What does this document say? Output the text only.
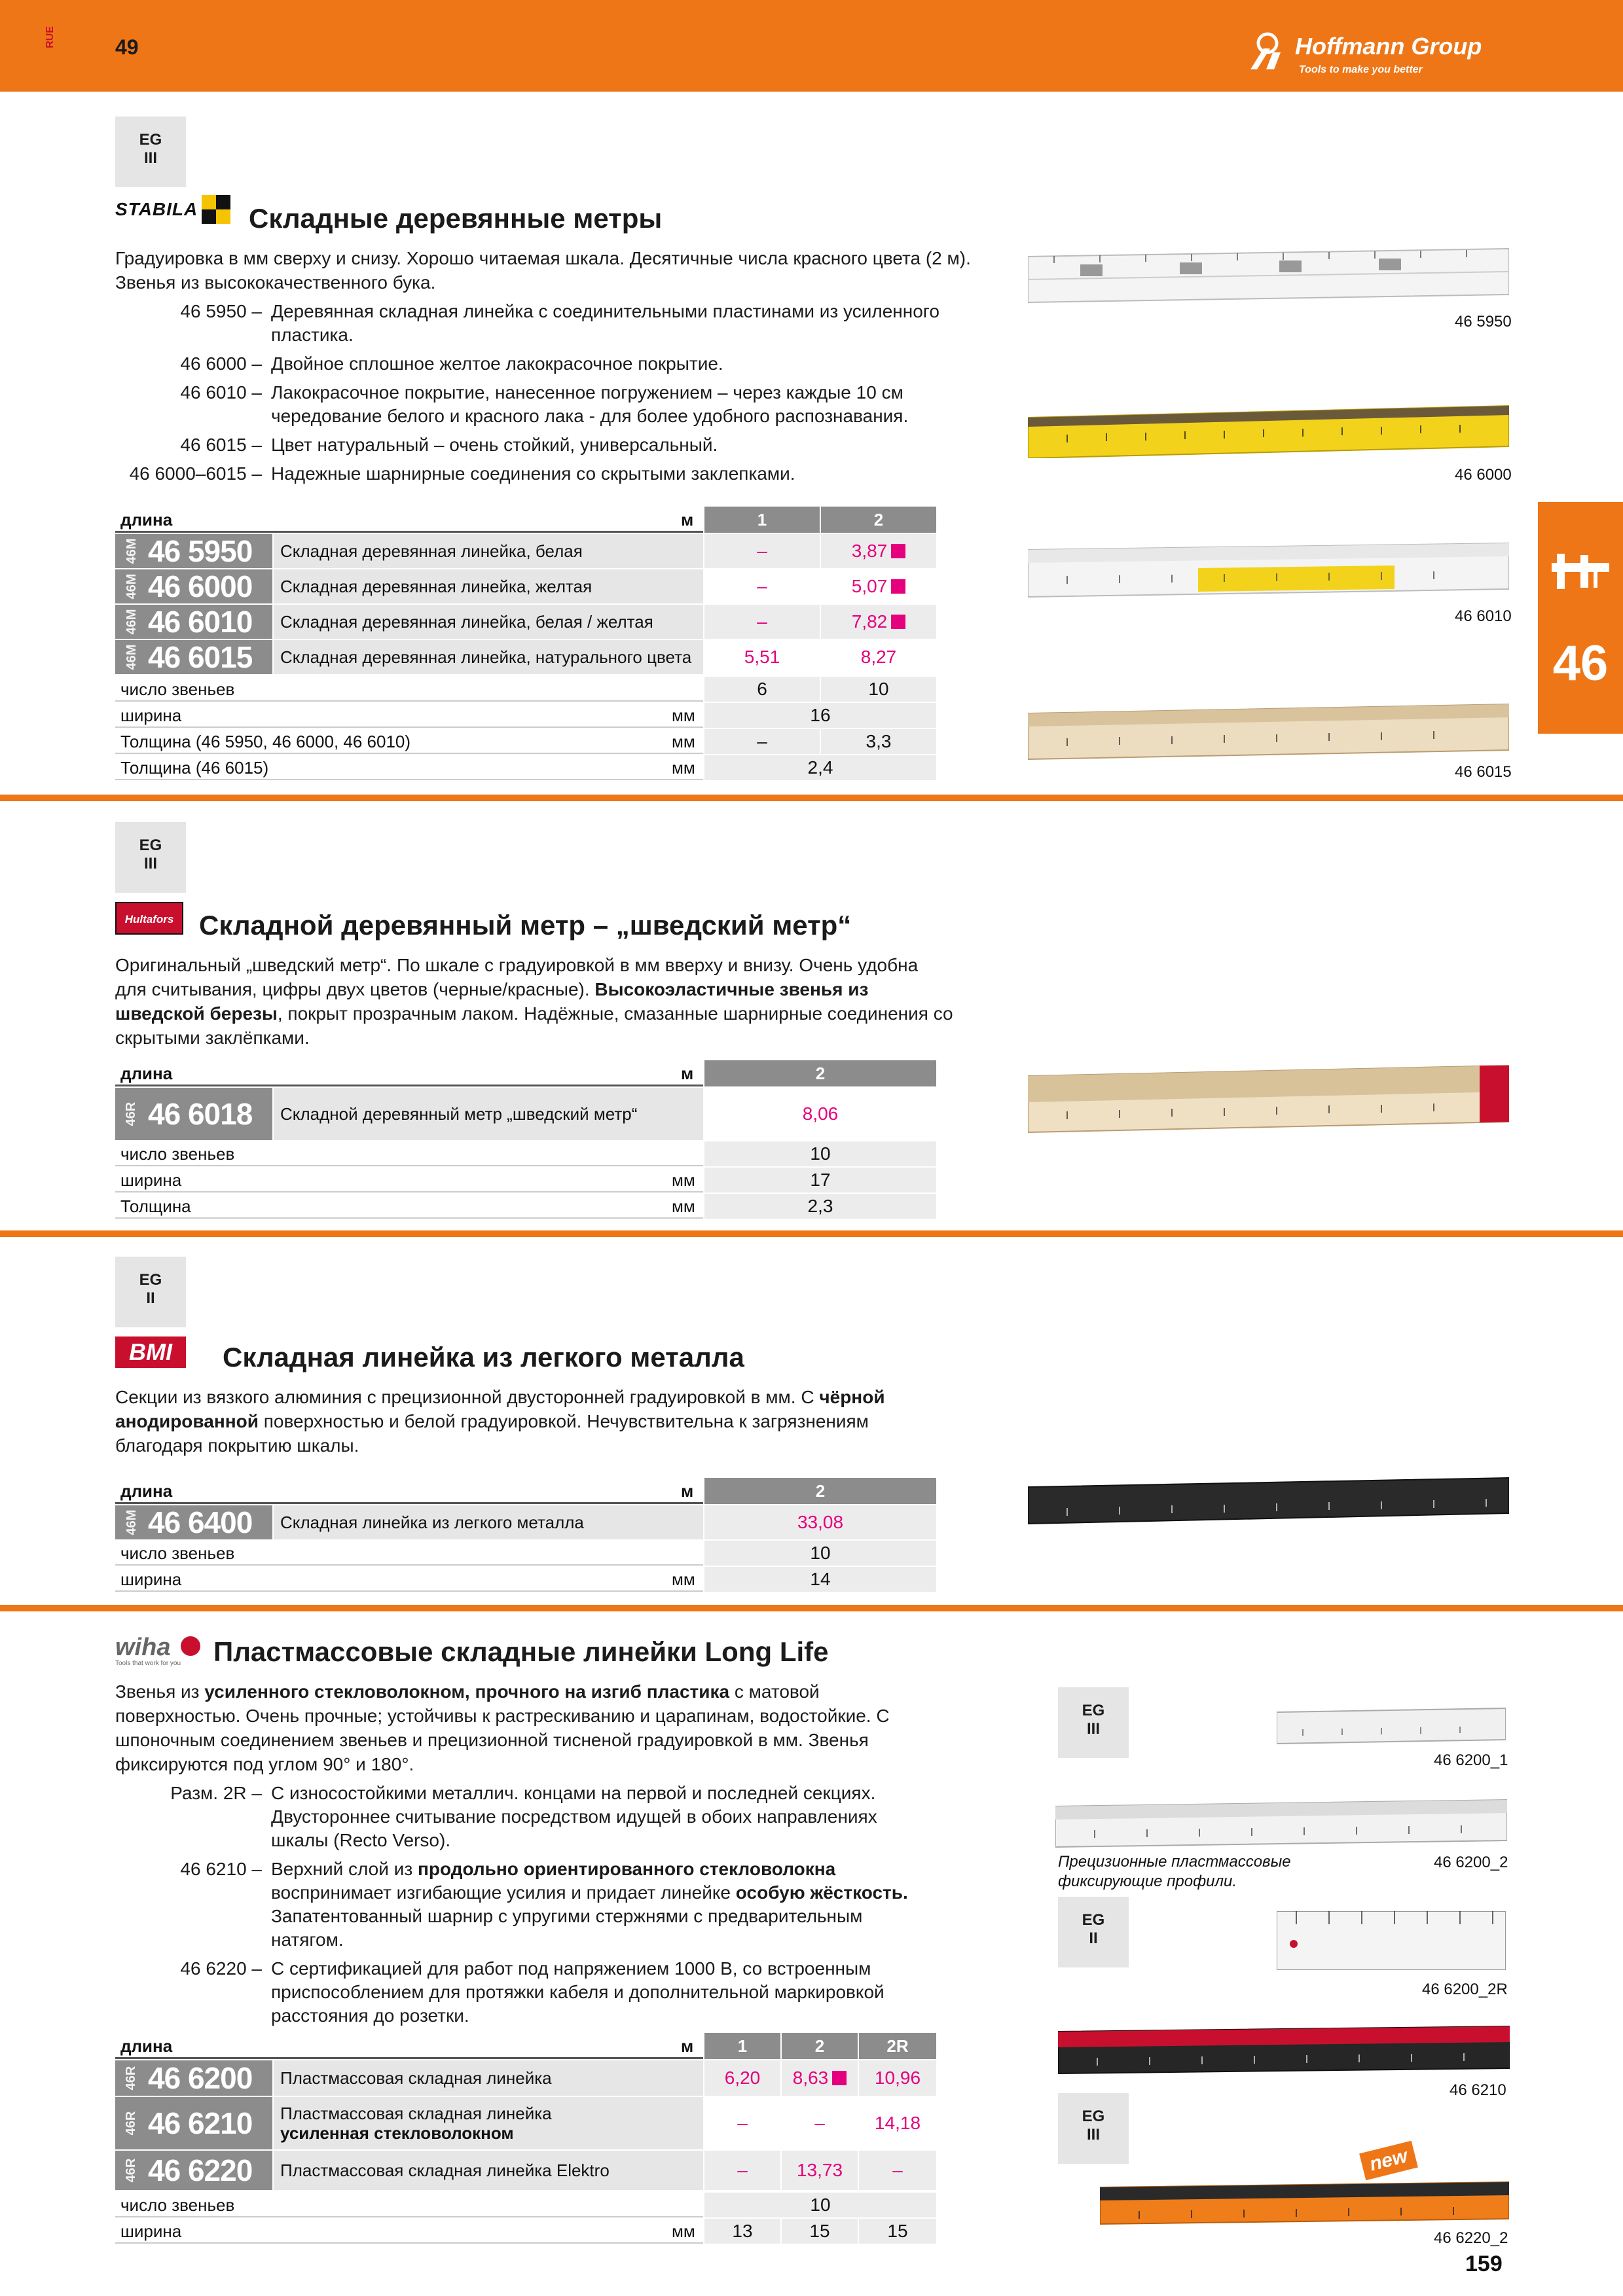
RUE	49	Hoffmann Group
Tools to make you better
46
EG
III
STABILA Складные деревянные метры
Градуировка в мм сверху и снизу. Хорошо читаемая шкала. Десятичные числа красного цвета (2 м). Звенья из высококачественного бука.
46 5950 – Деревянная складная линейка с соединительными пластинами из усиленного пластика.
46 6000 – Двойное сплошное желтое лакокрасочное покрытие.
46 6010 – Лакокрасочное покрытие, нанесенное погружением – через каждые 10 см чередование белого и красного лака - для более удобного распознавания.
46 6015 – Цвет натуральный – очень стойкий, универсальный.
46 6000–6015 – Надежные шарнирные соединения со скрытыми заклепками.
длина	м	1	2
46M 46 5950	Складная деревянная линейка, белая	–	3,87
46M 46 6000	Складная деревянная линейка, желтая	–	5,07
46M 46 6010	Складная деревянная линейка, белая / желтая	–	7,82
46M 46 6015	Складная деревянная линейка, натурального цвета	5,51	8,27
число звеньев	6	10
ширина	мм	16
Толщина (46 5950, 46 6000, 46 6010)	мм	–	3,3
Толщина (46 6015)	мм	2,4
46 5950
46 6000
46 6010
46 6015
EG
III
Hultafors Складной деревянный метр – „шведский метр“
Оригинальный „шведский метр“. По шкале с градуировкой в мм вверху и внизу. Очень удобна для считывания, цифры двух цветов (черные/красные). Высокоэластичные звенья из шведской березы, покрыт прозрачным лаком. Надёжные, смазанные шарнирные соединения со скрытыми заклёпками.
длина	м	2
46R 46 6018	Складной деревянный метр „шведский метр“	8,06
число звеньев	10
ширина	мм	17
Толщина	мм	2,3
EG
II
BMI	Складная линейка из легкого металла
Секции из вязкого алюминия с прецизионной двусторонней градуировкой в мм. С чёрной анодированной поверхностью и белой градуировкой. Нечувствительна к загрязнениям благодаря покрытию шкалы.
длина	м	2
46M 46 6400	Складная линейка из легкого металла	33,08
число звеньев	10
ширина	мм	14
wiha
Tools that work for you Пластмассовые складные линейки Long Life
Звенья из усиленного стекловолокном, прочного на изгиб пластика с матовой поверхностью. Очень прочные; устойчивы к растрескиванию и царапинам, водостойкие. С шпоночным соединением звеньев и прецизионной тисненой градуировкой в мм. Звенья фиксируются под углом 90° и 180°.
Разм. 2R – С износостойкими металлич. концами на первой и последней секциях. Двустороннее считывание посредством идущей в обоих направлениях шкалы (Recto Verso).
46 6210 – Верхний слой из продольно ориентированного стекловолокна воспринимает изгибающие усилия и придает линейке особую жёсткость. Запатентованный шарнир с упругими стержнями с предварительным натягом.
46 6220 – С сертификацией для работ под напряжением 1000 В, со встроенным приспособлением для протяжки кабеля и дополнительной маркировкой расстояния до розетки.
длина	м	1	2	2R
46R 46 6200	Пластмассовая складная линейка	6,20	8,63	10,96
46R 46 6210 Пластмассовая складная линейка
усиленная стекловолокном	–	–	14,18
46R 46 6220	Пластмассовая складная линейка Elektro	–	13,73	–
число звеньев	10
ширина	мм	13	15	15
EG
III
46 6200_1
Прецизионные пластмассовые фиксирующие профили.
46 6200_2
EG
II
46 6200_2R
46 6210
EG
III
new
46 6220_2
159
